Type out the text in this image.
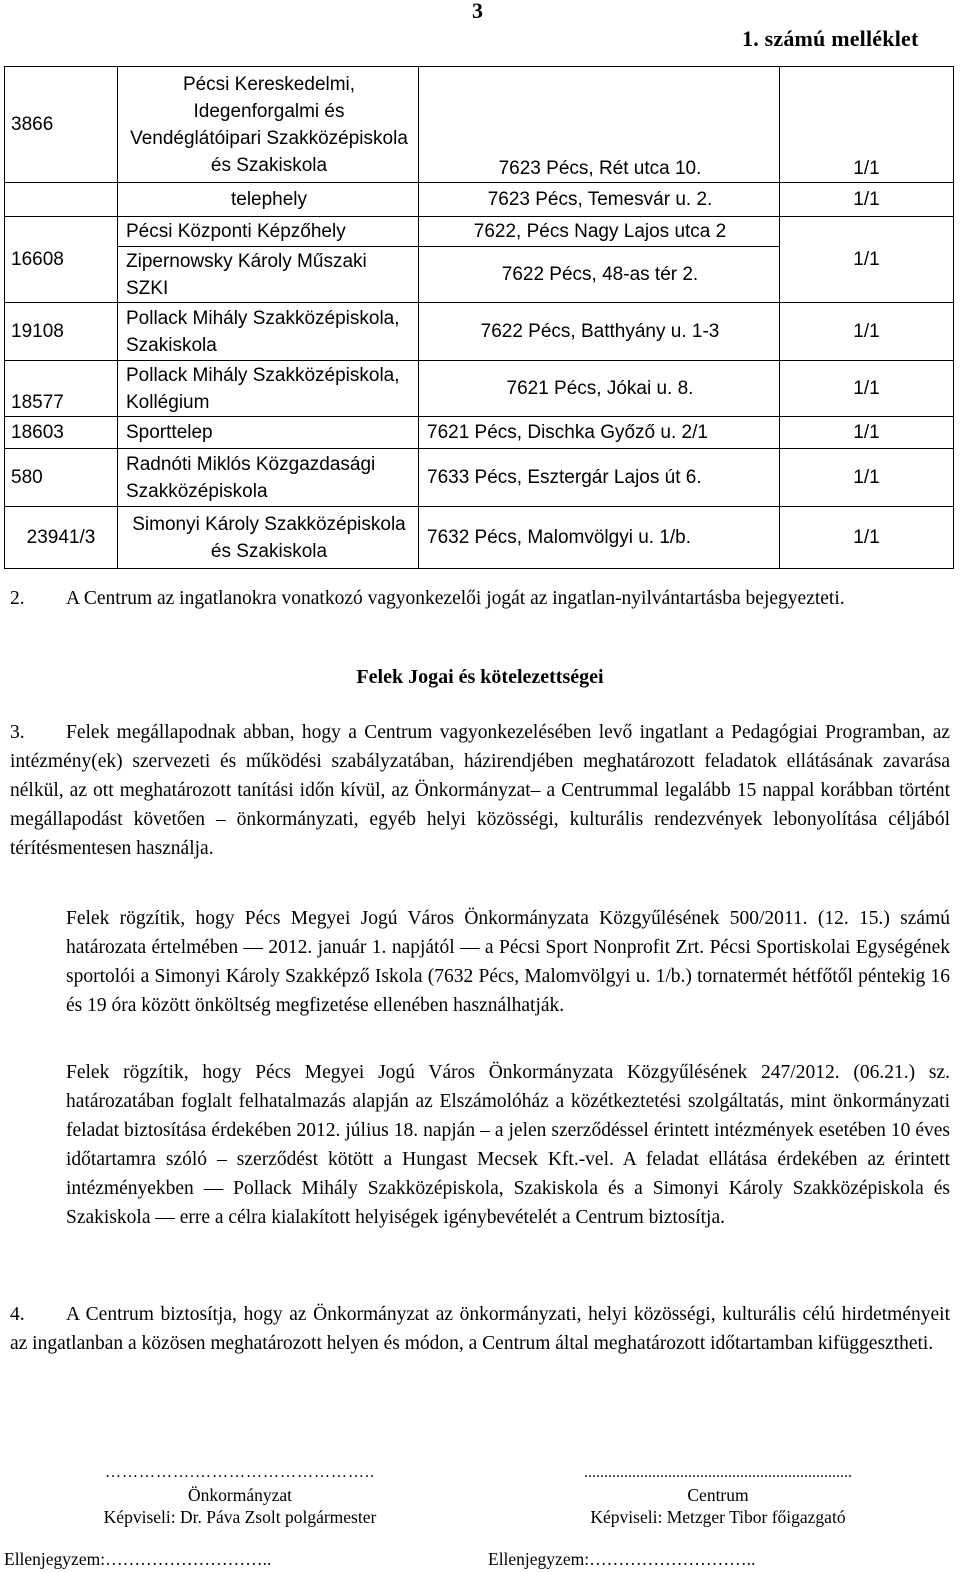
3
1. számú melléklet
3866	Pécsi Kereskedelmi, Idegenforgalmi és Vendéglátóipari Szakközépiskola és Szakiskola	7623 Pécs, Rét utca 10.	1/1
	telephely	7623 Pécs, Temesvár u. 2.	1/1
16608	Pécsi Központi Képzőhely	7622, Pécs Nagy Lajos utca 2	1/1
	Zipernowsky Károly Műszaki SZKI	7622 Pécs, 48-as tér 2.	
19108	Pollack Mihály Szakközépiskola, Szakiskola	7622 Pécs, Batthyány u. 1-3	1/1
18577	Pollack Mihály Szakközépiskola, Kollégium	7621 Pécs, Jókai u. 8.	1/1
18603	Sporttelep	7621 Pécs, Dischka Győző u. 2/1	1/1
580	Radnóti Miklós Közgazdasági Szakközépiskola	7633 Pécs, Esztergár Lajos út 6.	1/1
23941/3	Simonyi Károly Szakközépiskola és Szakiskola	7632 Pécs, Malomvölgyi u. 1/b.	1/1
2. A Centrum az ingatlanokra vonatkozó vagyonkezelői jogát az ingatlan-nyilvántartásba bejegyezteti.
Felek Jogai és kötelezettségei
3. Felek megállapodnak abban, hogy a Centrum vagyonkezelésében levő ingatlant a Pedagógiai Programban, az intézmény(ek) szervezeti és működési szabályzatában, házirendjében meghatározott feladatok ellátásának zavarása nélkül, az ott meghatározott tanítási időn kívül, az Önkormányzat– a Centrummal legalább 15 nappal korábban történt megállapodást követően – önkormányzati, egyéb helyi közösségi, kulturális rendezvények lebonyolítása céljából térítésmentesen használja.
Felek rögzítik, hogy Pécs Megyei Jogú Város Önkormányzata Közgyűlésének 500/2011. (12. 15.) számú határozata értelmében — 2012. január 1. napjától — a Pécsi Sport Nonprofit Zrt. Pécsi Sportiskolai Egységének sportolói a Simonyi Károly Szakképző Iskola (7632 Pécs, Malomvölgyi u. 1/b.) tornatermét hétfőtől péntekig 16 és 19 óra között önköltség megfizetése ellenében használhatják.
Felek rögzítik, hogy Pécs Megyei Jogú Város Önkormányzata Közgyűlésének 247/2012. (06.21.) sz. határozatában foglalt felhatalmazás alapján az Elszámolóház a közétkeztetési szolgáltatás, mint önkormányzati feladat biztosítása érdekében 2012. július 18. napján – a jelen szerződéssel érintett intézmények esetében 10 éves időtartamra szóló – szerződést kötött a Hungast Mecsek Kft.-vel. A feladat ellátása érdekében az érintett intézményekben — Pollack Mihály Szakközépiskola, Szakiskola és a Simonyi Károly Szakközépiskola és Szakiskola — erre a célra kialakított helyiségek igénybevételét a Centrum biztosítja.
4. A Centrum biztosítja, hogy az Önkormányzat az önkormányzati, helyi közösségi, kulturális célú hirdetményeit az ingatlanban a közösen meghatározott helyen és módon, a Centrum által meghatározott időtartamban kifüggesztheti.
…………….…………………………..
Önkormányzat
Képviseli: Dr. Páva Zsolt polgármester
Ellenjegyzem:………………………..
...................................................................
Centrum
Képviseli: Metzger Tibor főigazgató
Ellenjegyzem:………………………..
